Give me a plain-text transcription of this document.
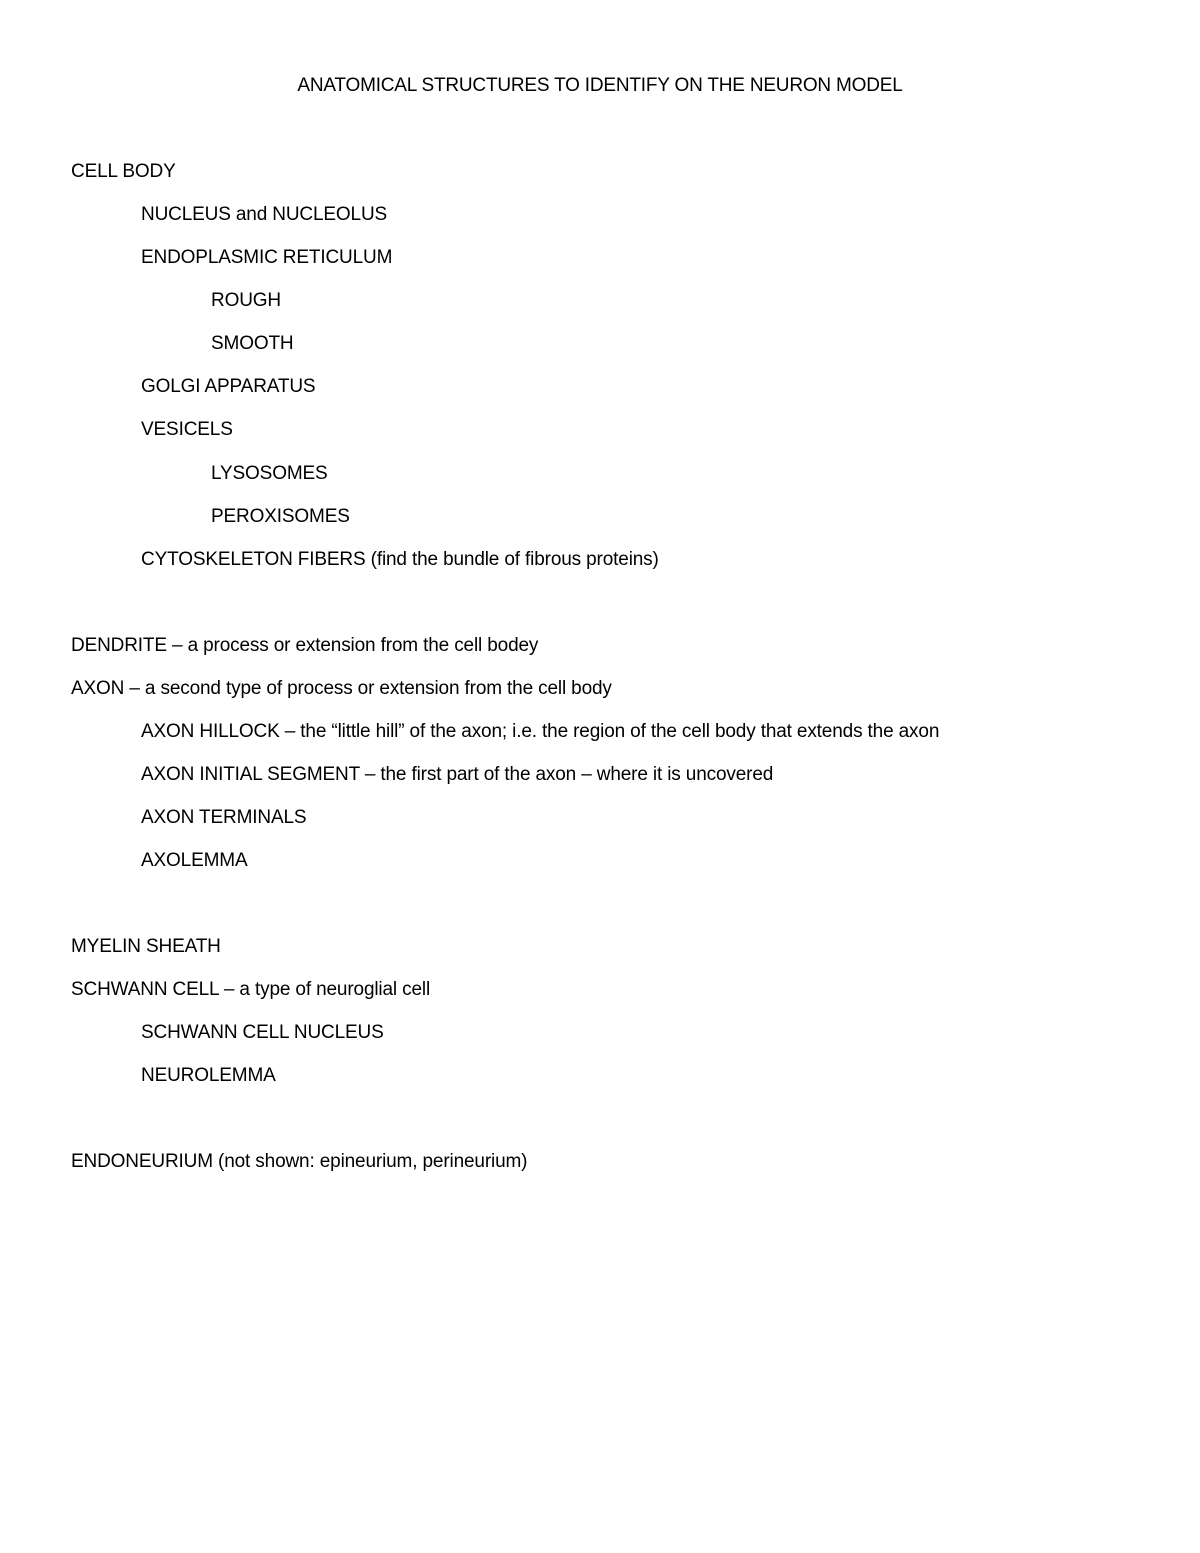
ANATOMICAL STRUCTURES TO IDENTIFY ON THE NEURON MODEL
CELL BODY
NUCLEUS and NUCLEOLUS
ENDOPLASMIC RETICULUM
ROUGH
SMOOTH
GOLGI APPARATUS
VESICELS
LYSOSOMES
PEROXISOMES
CYTOSKELETON FIBERS (find the bundle of fibrous proteins)
DENDRITE – a process or extension from the cell bodey
AXON – a second type of process or extension from the cell body
AXON HILLOCK – the “little hill” of the axon; i.e. the region of the cell body that extends the axon
AXON INITIAL SEGMENT – the first part of the axon – where it is uncovered
AXON TERMINALS
AXOLEMMA
MYELIN SHEATH
SCHWANN CELL – a type of neuroglial cell
SCHWANN CELL NUCLEUS
NEUROLEMMA
ENDONEURIUM (not shown: epineurium, perineurium)
